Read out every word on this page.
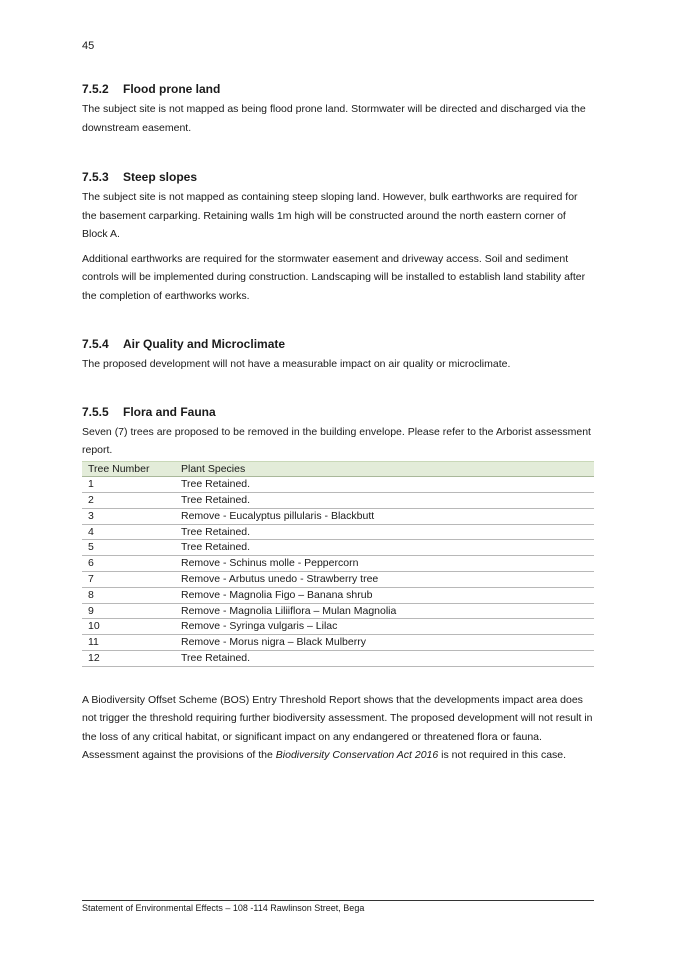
45
7.5.2 Flood prone land

The subject site is not mapped as being flood prone land. Stormwater will be directed and discharged via the downstream easement.

7.5.3 Steep slopes

The subject site is not mapped as containing steep sloping land. However, bulk earthworks are required for the basement carparking. Retaining walls 1m high will be constructed around the north eastern corner of Block A.

Additional earthworks are required for the stormwater easement and driveway access. Soil and sediment controls will be implemented during construction. Landscaping will be installed to establish land stability after the completion of earthworks works.

7.5.4 Air Quality and Microclimate

The proposed development will not have a measurable impact on air quality or microclimate.

7.5.5 Flora and Fauna

Seven (7) trees are proposed to be removed in the building envelope. Please refer to the Arborist assessment report.

Tree Number	Plant Species
1	Tree Retained.
2	Tree Retained.
3	Remove - Eucalyptus pillularis - Blackbutt
4	Tree Retained.
5	Tree Retained.
6	Remove - Schinus molle - Peppercorn
7	Remove - Arbutus unedo - Strawberry tree
8	Remove - Magnolia Figo – Banana shrub
9	Remove - Magnolia Liliiflora – Mulan Magnolia
10	Remove - Syringa vulgaris – Lilac
11	Remove - Morus nigra – Black Mulberry
12	Tree Retained.

A Biodiversity Offset Scheme (BOS) Entry Threshold Report shows that the developments impact area does not trigger the threshold requiring further biodiversity assessment. The proposed development will not result in the loss of any critical habitat, or significant impact on any endangered or threatened flora or fauna. Assessment against the provisions of the Biodiversity Conservation Act 2016 is not required in this case.

Statement of Environmental Effects – 108 -114 Rawlinson Street, Bega
